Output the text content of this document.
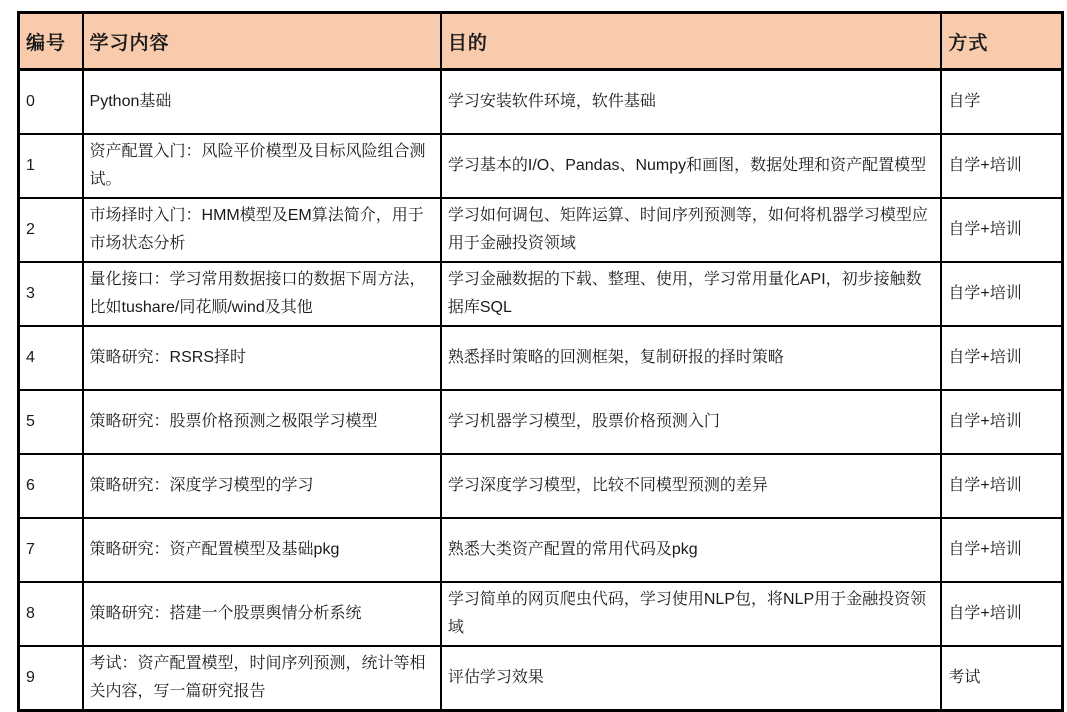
编号	学习内容	目的	方式
0	Python基础	学习安装软件环境，软件基础	自学
1	资产配置入门：风险平价模型及目标风险组合测试。	学习基本的I/O、Pandas、Numpy和画图，数据处理和资产配置模型	自学+培训
2	市场择时入门：HMM模型及EM算法简介，用于市场状态分析	学习如何调包、矩阵运算、时间序列预测等，如何将机器学习模型应用于金融投资领域	自学+培训
3	量化接口：学习常用数据接口的数据下周方法，比如tushare/同花顺/wind及其他	学习金融数据的下载、整理、使用，学习常用量化API，初步接触数据库SQL	自学+培训
4	策略研究：RSRS择时	熟悉择时策略的回测框架，复制研报的择时策略	自学+培训
5	策略研究：股票价格预测之极限学习模型	学习机器学习模型，股票价格预测入门	自学+培训
6	策略研究：深度学习模型的学习	学习深度学习模型，比较不同模型预测的差异	自学+培训
7	策略研究：资产配置模型及基础pkg	熟悉大类资产配置的常用代码及pkg	自学+培训
8	策略研究：搭建一个股票舆情分析系统	学习简单的网页爬虫代码，学习使用NLP包，将NLP用于金融投资领域	自学+培训
9	考试：资产配置模型，时间序列预测，统计等相关内容，写一篇研究报告	评估学习效果	考试
